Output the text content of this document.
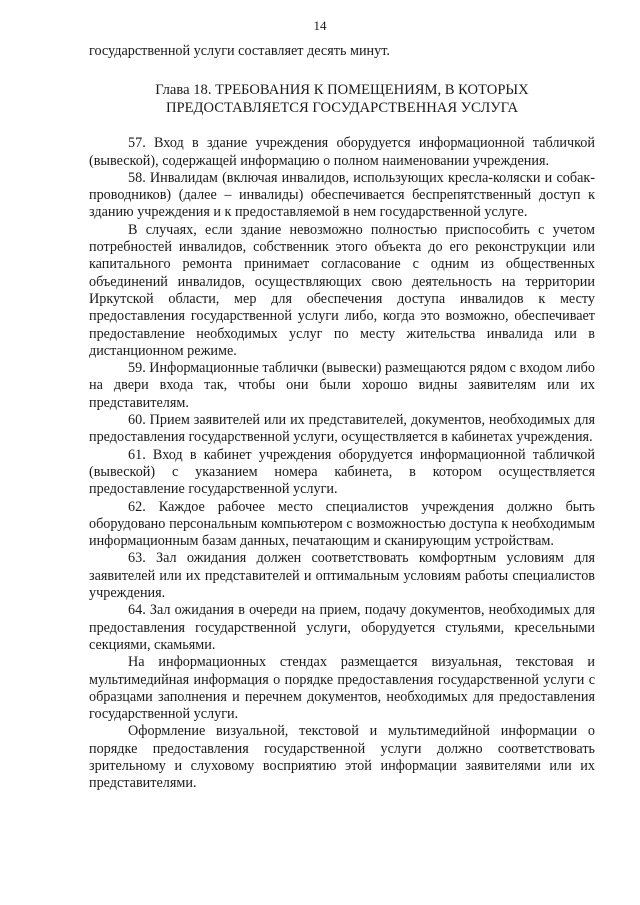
14

государственной услуги составляет десять минут.

Глава 18. ТРЕБОВАНИЯ К ПОМЕЩЕНИЯМ, В КОТОРЫХ
ПРЕДОСТАВЛЯЕТСЯ ГОСУДАРСТВЕННАЯ УСЛУГА

57. Вход в здание учреждения оборудуется информационной табличкой (вывеской), содержащей информацию о полном наименовании учреждения.

58. Инвалидам (включая инвалидов, использующих кресла-коляски и собак-проводников) (далее – инвалиды) обеспечивается беспрепятственный доступ к зданию учреждения и к предоставляемой в нем государственной услуге.

В случаях, если здание невозможно полностью приспособить с учетом потребностей инвалидов, собственник этого объекта до его реконструкции или капитального ремонта принимает согласование с одним из общественных объединений инвалидов, осуществляющих свою деятельность на территории Иркутской области, мер для обеспечения доступа инвалидов к месту предоставления государственной услуги либо, когда это возможно, обеспечивает предоставление необходимых услуг по месту жительства инвалида или в дистанционном режиме.

59. Информационные таблички (вывески) размещаются рядом с входом либо на двери входа так, чтобы они были хорошо видны заявителям или их представителям.

60. Прием заявителей или их представителей, документов, необходимых для предоставления государственной услуги, осуществляется в кабинетах учреждения.

61. Вход в кабинет учреждения оборудуется информационной табличкой (вывеской) с указанием номера кабинета, в котором осуществляется предоставление государственной услуги.

62. Каждое рабочее место специалистов учреждения должно быть оборудовано персональным компьютером с возможностью доступа к необходимым информационным базам данных, печатающим и сканирующим устройствам.

63. Зал ожидания должен соответствовать комфортным условиям для заявителей или их представителей и оптимальным условиям работы специалистов учреждения.

64. Зал ожидания в очереди на прием, подачу документов, необходимых для предоставления государственной услуги, оборудуется стульями, кресельными секциями, скамьями.

На информационных стендах размещается визуальная, текстовая и мультимедийная информация о порядке предоставления государственной услуги с образцами заполнения и перечнем документов, необходимых для предоставления государственной услуги.

Оформление визуальной, текстовой и мультимедийной информации о порядке предоставления государственной услуги должно соответствовать зрительному и слуховому восприятию этой информации заявителями или их представителями.
